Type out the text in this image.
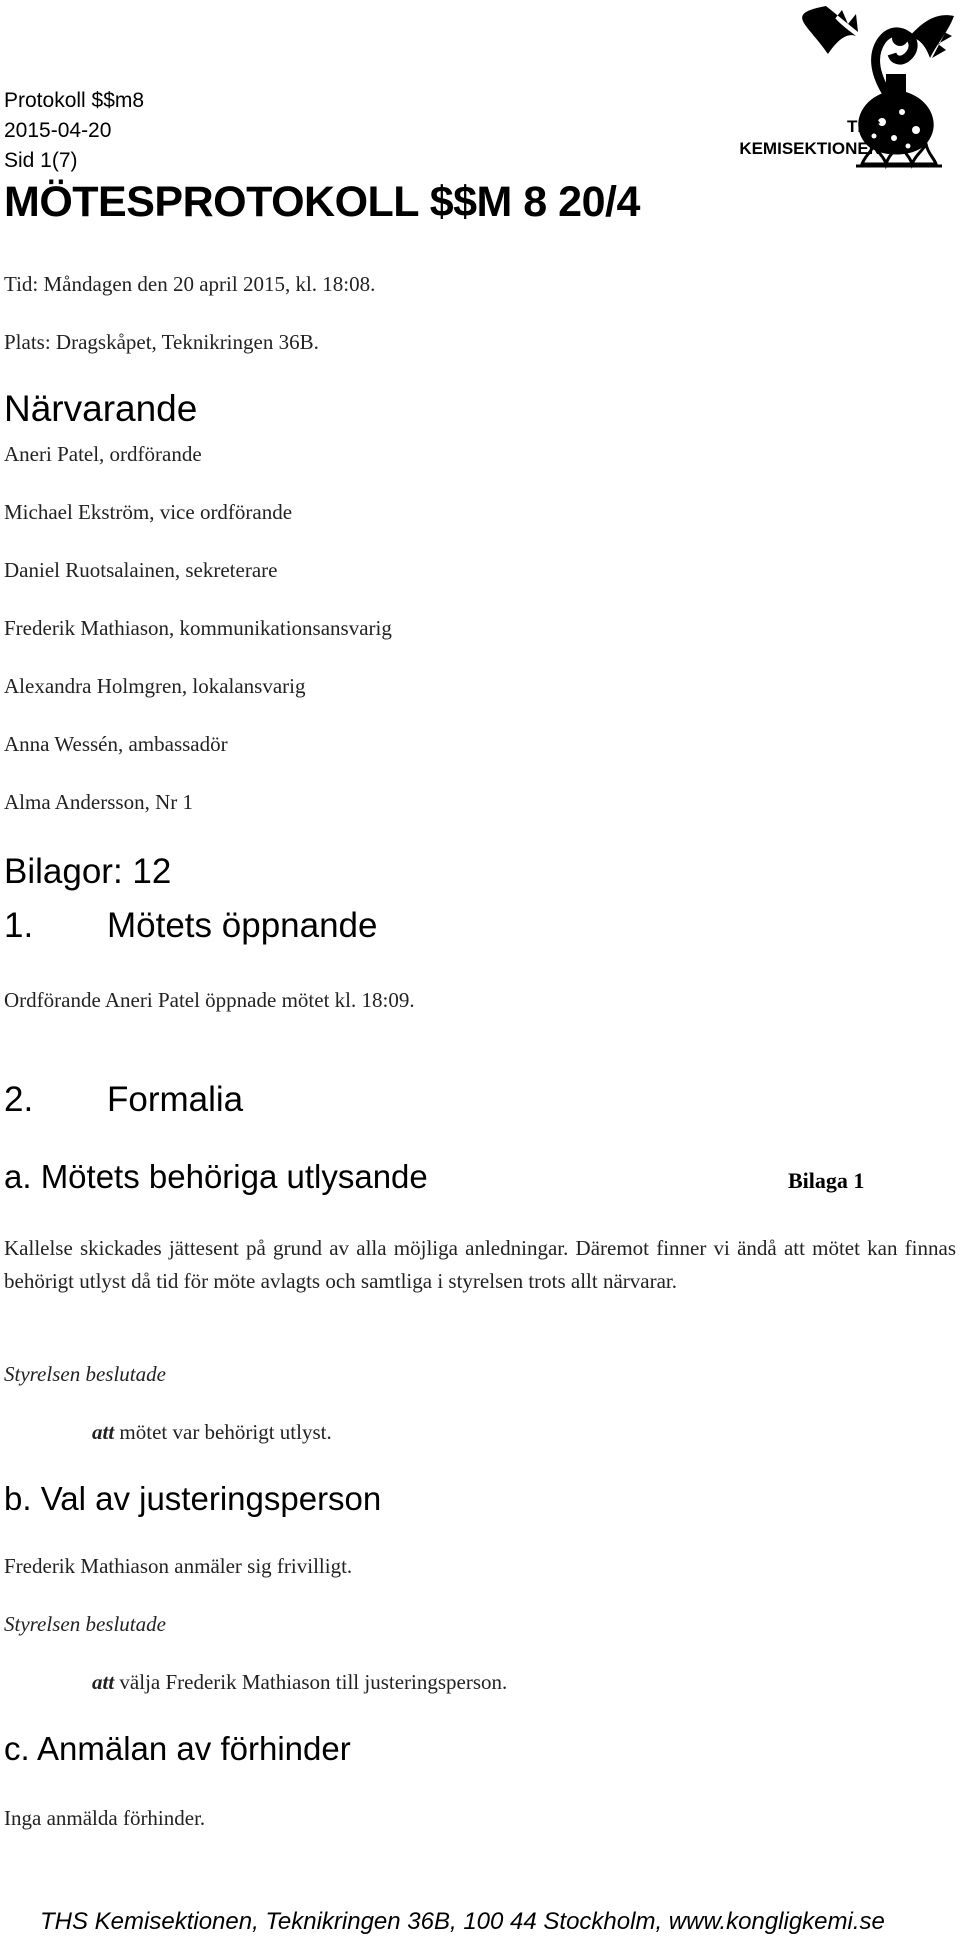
Protokoll $$m8

2015-04-20

Sid 1(7)

MÖTESPROTOKOLL $$M 8 20/4

THS
KEMISEKTIONEN

Tid: Måndagen den 20 april 2015, kl. 18:08.

Plats: Dragskåpet, Teknikringen 36B.

Närvarande

Aneri Patel, ordförande

Michael Ekström, vice ordförande

Daniel Ruotsalainen, sekreterare

Frederik Mathiason, kommunikationsansvarig

Alexandra Holmgren, lokalansvarig

Anna Wessén, ambassadör

Alma Andersson, Nr 1

Bilagor: 12

1. Mötets öppnande

Ordförande Aneri Patel öppnade mötet kl. 18:09.

2. Formalia

a. Mötets behöriga utlysande	Bilaga 1

Kallelse skickades jättesent på grund av alla möjliga anledningar. Däremot finner vi ändå att mötet kan finnas behörigt utlyst då tid för möte avlagts och samtliga i styrelsen trots allt närvarar.

Styrelsen beslutade

att mötet var behörigt utlyst.

b. Val av justeringsperson

Frederik Mathiason anmäler sig frivilligt.

Styrelsen beslutade

att välja Frederik Mathiason till justeringsperson.

c. Anmälan av förhinder

Inga anmälda förhinder.

THS Kemisektionen, Teknikringen 36B, 100 44 Stockholm, www.kongligkemi.se
